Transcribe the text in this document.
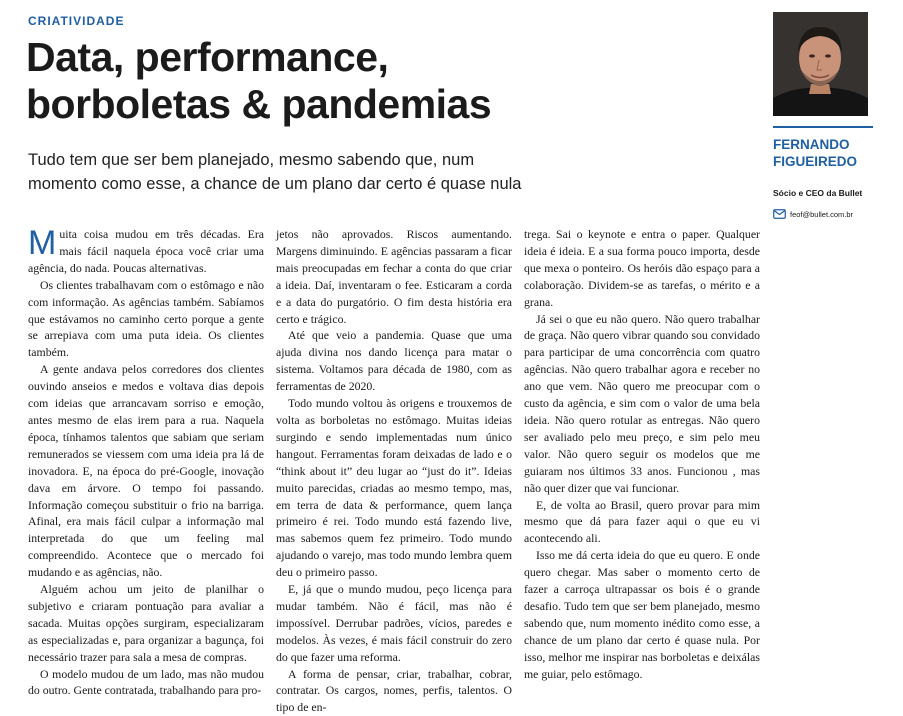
CRIATIVIDADE
Data, performance,
borboletas & pandemias

Tudo tem que ser bem planejado, mesmo sabendo que, num
momento como esse, a chance de um plano dar certo é quase nula

Muita coisa mudou em três décadas. Era mais fácil naquela época você criar uma agência, do nada. Poucas alternativas.

Os clientes trabalhavam com o estômago e não com informação. As agências também. Sabíamos que estávamos no caminho certo porque a gente se arrepiava com uma puta ideia. Os clientes também.

A gente andava pelos corredores dos clientes ouvindo anseios e medos e voltava dias depois com ideias que arrancavam sorriso e emoção, antes mesmo de elas irem para a rua. Naquela época, tínhamos talentos que sabiam que seriam remunerados se viessem com uma ideia pra lá de inovadora. E, na época do pré-Google, inovação dava em árvore. O tempo foi passando. Informação começou substituir o frio na barriga. Afinal, era mais fácil culpar a informação mal interpretada do que um feeling mal compreendido. Acontece que o mercado foi mudando e as agências, não.

Alguém achou um jeito de planilhar o subjetivo e criaram pontuação para avaliar a sacada. Muitas opções surgiram, especializaram as especializadas e, para organizar a bagunça, foi necessário trazer para sala a mesa de compras.

O modelo mudou de um lado, mas não mudou do outro. Gente contratada, trabalhando para pro-

jetos não aprovados. Riscos aumentando. Margens diminuindo. E agências passaram a ficar mais preocupadas em fechar a conta do que criar a ideia. Daí, inventaram o fee. Esticaram a corda e a data do purgatório. O fim desta história era certo e trágico.

Até que veio a pandemia. Quase que uma ajuda divina nos dando licença para matar o sistema. Voltamos para década de 1980, com as ferramentas de 2020.

Todo mundo voltou às origens e trouxemos de volta as borboletas no estômago. Muitas ideias surgindo e sendo implementadas num único hangout. Ferramentas foram deixadas de lado e o “think about it” deu lugar ao “just do it”. Ideias muito parecidas, criadas ao mesmo tempo, mas, em terra de data & performance, quem lança primeiro é rei. Todo mundo está fazendo live, mas sabemos quem fez primeiro. Todo mundo ajudando o varejo, mas todo mundo lembra quem deu o primeiro passo.

E, já que o mundo mudou, peço licença para mudar também. Não é fácil, mas não é impossível. Derrubar padrões, vícios, paredes e modelos. Às vezes, é mais fácil construir do zero do que fazer uma reforma.

A forma de pensar, criar, trabalhar, cobrar, contratar. Os cargos, nomes, perfis, talentos. O tipo de en-

trega. Sai o keynote e entra o paper. Qualquer ideia é ideia. E a sua forma pouco importa, desde que mexa o ponteiro. Os heróis dão espaço para a colaboração. Dividem-se as tarefas, o mérito e a grana.

Já sei o que eu não quero. Não quero trabalhar de graça. Não quero vibrar quando sou convidado para participar de uma concorrência com quatro agências. Não quero trabalhar agora e receber no ano que vem. Não quero me preocupar com o custo da agência, e sim com o valor de uma bela ideia. Não quero rotular as entregas. Não quero ser avaliado pelo meu preço, e sim pelo meu valor. Não quero seguir os modelos que me guiaram nos últimos 33 anos. Funcionou , mas não quer dizer que vai funcionar.

E, de volta ao Brasil, quero provar para mim mesmo que dá para fazer aqui o que eu vi acontecendo ali.

Isso me dá certa ideia do que eu quero. E onde quero chegar. Mas saber o momento certo de fazer a carroça ultrapassar os bois é o grande desafio. Tudo tem que ser bem planejado, mesmo sabendo que, num momento inédito como esse, a chance de um plano dar certo é quase nula. Por isso, melhor me inspirar nas borboletas e deixálas me guiar, pelo estômago.

FERNANDO
FIGUEIREDO
Sócio e CEO da Bullet
feof@bullet.com.br
